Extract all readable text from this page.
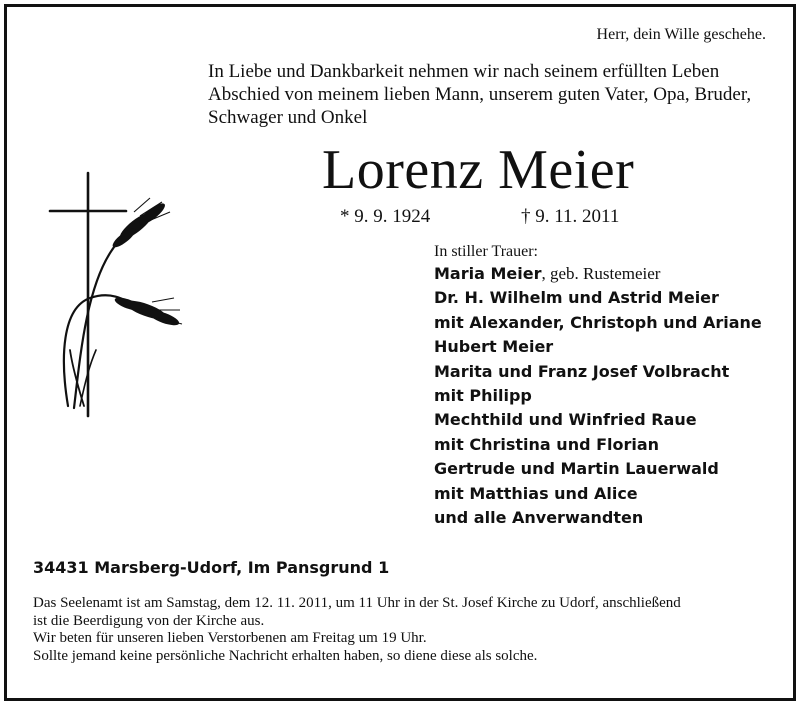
Herr, dein Wille geschehe.
In Liebe und Dankbarkeit nehmen wir nach seinem erfüllten Leben
Abschied von meinem lieben Mann, unserem guten Vater, Opa, Bruder,
Schwager und Onkel
Lorenz Meier
* 9. 9. 1924	† 9. 11. 2011
In stiller Trauer:
Maria Meier, geb. Rustemeier
Dr. H. Wilhelm und Astrid Meier
mit Alexander, Christoph und Ariane
Hubert Meier
Marita und Franz Josef Volbracht
mit Philipp
Mechthild und Winfried Raue
mit Christina und Florian
Gertrude und Martin Lauerwald
mit Matthias und Alice
und alle Anverwandten
34431 Marsberg-Udorf, Im Pansgrund 1
Das Seelenamt ist am Samstag, dem 12. 11. 2011, um 11 Uhr in der St. Josef Kirche zu Udorf, anschließend
ist die Beerdigung von der Kirche aus.
Wir beten für unseren lieben Verstorbenen am Freitag um 19 Uhr.
Sollte jemand keine persönliche Nachricht erhalten haben, so diene diese als solche.
